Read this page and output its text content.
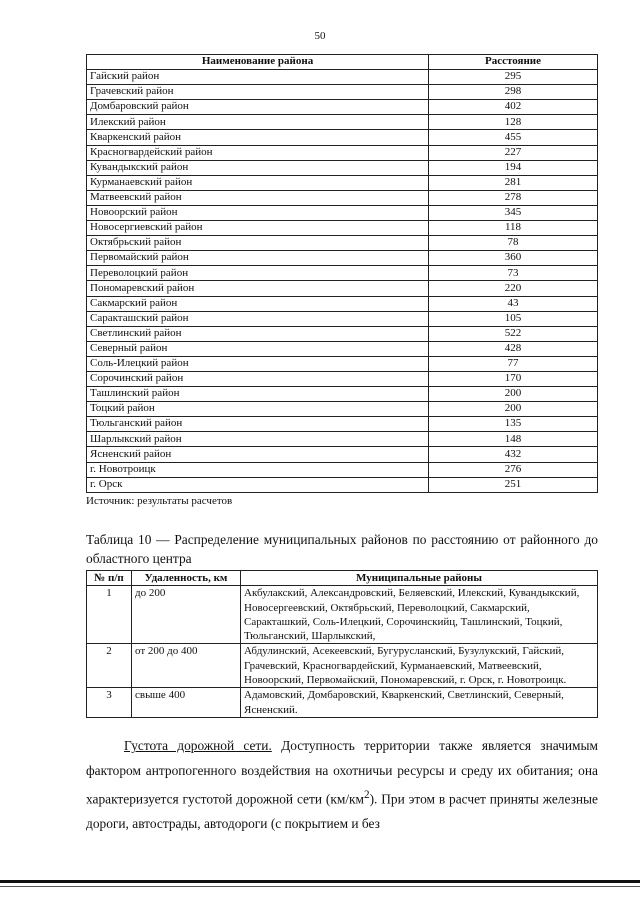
50
Наименование района	Расстояние
Гайский район	295
Грачевский район	298
Домбаровский район	402
Илекский район	128
Кваркенский район	455
Красногвардейский район	227
Кувандыкский район	194
Курманаевский район	281
Матвеевский район	278
Новоорский район	345
Новосергиевский район	118
Октябрьский район	78
Первомайский район	360
Переволоцкий район	73
Пономаревский район	220
Сакмарский район	43
Саракташский район	105
Светлинский район	522
Северный район	428
Соль-Илецкий район	77
Сорочинский район	170
Ташлинский район	200
Тоцкий район	200
Тюльганский район	135
Шарлыкский район	148
Ясненский район	432
г. Новотроицк	276
г. Орск	251
Источник: результаты расчетов
Таблица 10 — Распределение муниципальных районов по расстоянию от районного до областного центра
№ п/п	Удаленность, км	Муниципальные районы
1	до 200	Акбулакский, Александровский, Беляевский, Илекский, Кувандыкский, Новосергеевский, Октябрьский, Переволоцкий, Сакмарский, Саракташкий, Соль-Илецкий, Сорочинскийц, Ташлинский, Тоцкий, Тюльганский, Шарлыкский,
2	от 200 до 400	Абдулинский, Асекеевский, Бугурусланский, Бузулукский, Гайский, Грачевский, Красногвардейский, Курманаевский, Матвеевский, Новоорский, Первомайский, Пономаревский, г. Орск, г. Новотроицк.
3	свыше 400	Адамовский, Домбаровский, Кваркенский, Светлинский, Северный, Ясненский.

Густота дорожной сети. Доступность территории также является значимым фактором антропогенного воздействия на охотничьи ресурсы и среду их обитания; она характеризуется густотой дорожной сети $(км/км^2)$. При этом в расчет приняты железные дороги, автострады, автодороги (с покрытием и без
